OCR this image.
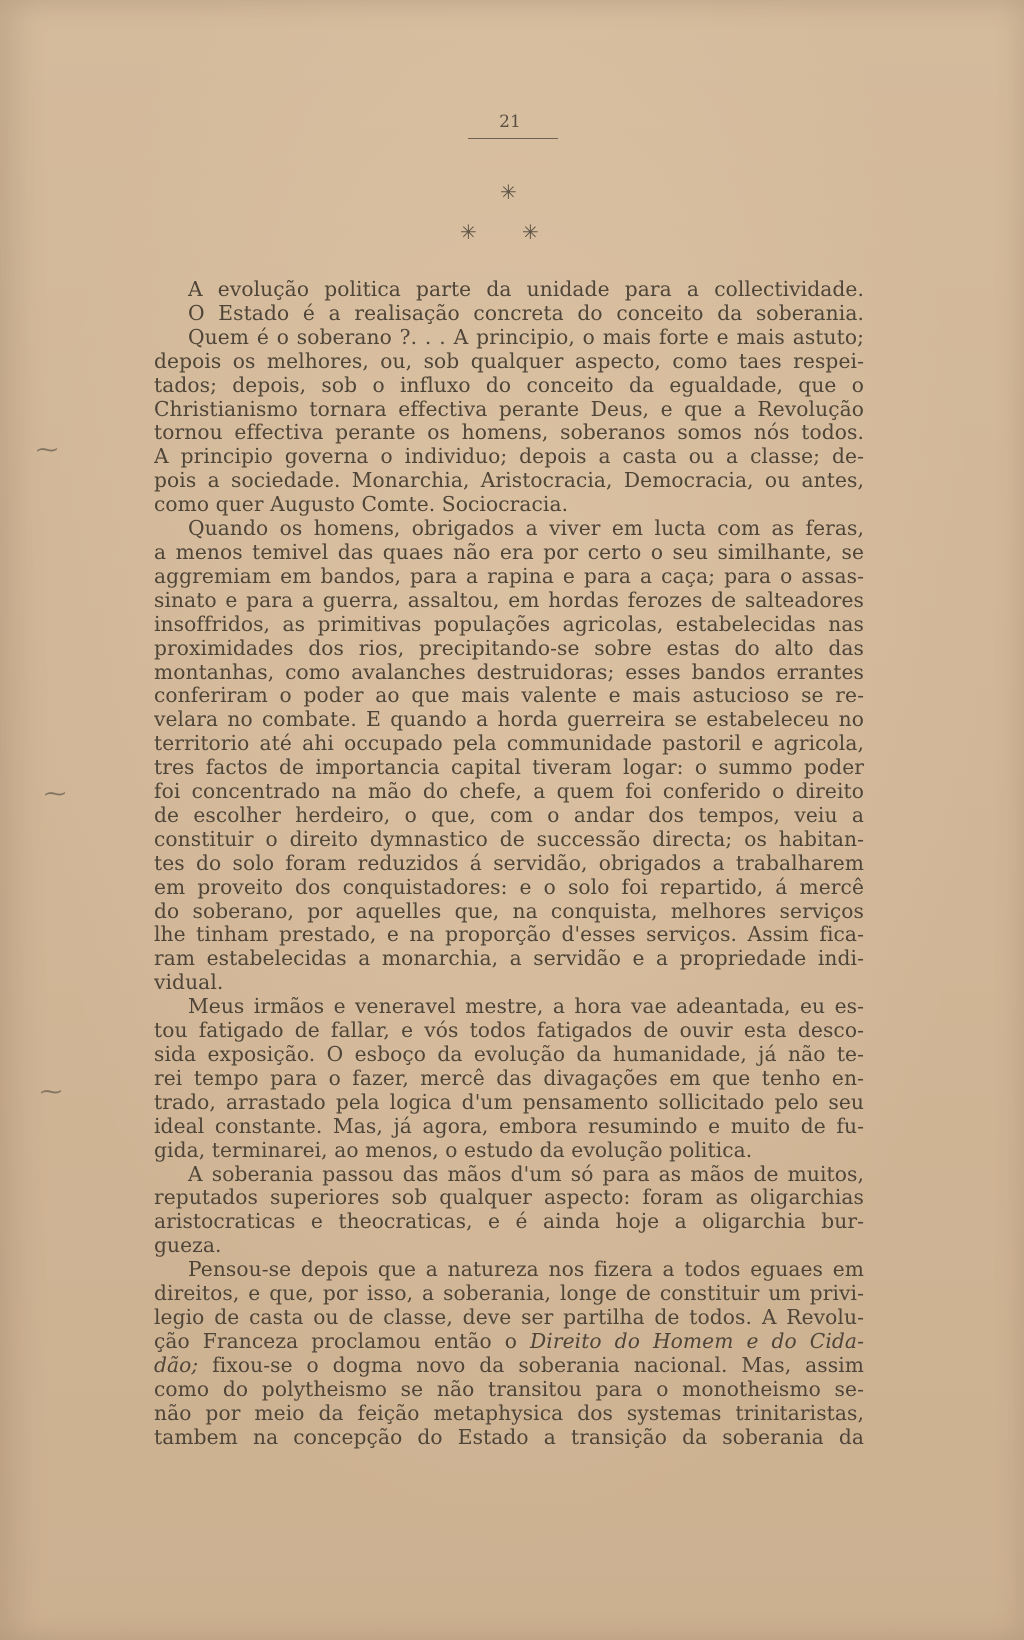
21
✳
✳ ✳
A evolução politica parte da unidade para a collectividade.
O Estado é a realisação concreta do conceito da soberania.
Quem é o soberano ?. . . A principio, o mais forte e mais astuto;
depois os melhores, ou, sob qualquer aspecto, como taes respei-
tados; depois, sob o influxo do conceito da egualdade, que o
Christianismo tornara effectiva perante Deus, e que a Revolução
tornou effectiva perante os homens, soberanos somos nós todos.
A principio governa o individuo; depois a casta ou a classe; de-
pois a sociedade. Monarchia, Aristocracia, Democracia, ou antes,
como quer Augusto Comte. Sociocracia.
Quando os homens, obrigados a viver em lucta com as feras,
a menos temivel das quaes não era por certo o seu similhante, se
aggremiam em bandos, para a rapina e para a caça; para o assas-
sinato e para a guerra, assaltou, em hordas ferozes de salteadores
insoffridos, as primitivas populações agricolas, estabelecidas nas
proximidades dos rios, precipitando-se sobre estas do alto das
montanhas, como avalanches destruidoras; esses bandos errantes
conferiram o poder ao que mais valente e mais astucioso se re-
velara no combate. E quando a horda guerreira se estabeleceu no
territorio até ahi occupado pela communidade pastoril e agricola,
tres factos de importancia capital tiveram logar: o summo poder
foi concentrado na mão do chefe, a quem foi conferido o direito
de escolher herdeiro, o que, com o andar dos tempos, veiu a
constituir o direito dymnastico de successão directa; os habitan-
tes do solo foram reduzidos á servidão, obrigados a trabalharem
em proveito dos conquistadores: e o solo foi repartido, á mercê
do soberano, por aquelles que, na conquista, melhores serviços
lhe tinham prestado, e na proporção d'esses serviços. Assim fica-
ram estabelecidas a monarchia, a servidão e a propriedade indi-
vidual.
Meus irmãos e veneravel mestre, a hora vae adeantada, eu es-
tou fatigado de fallar, e vós todos fatigados de ouvir esta desco-
sida exposição. O esboço da evolução da humanidade, já não te-
rei tempo para o fazer, mercê das divagações em que tenho en-
trado, arrastado pela logica d'um pensamento sollicitado pelo seu
ideal constante. Mas, já agora, embora resumindo e muito de fu-
gida, terminarei, ao menos, o estudo da evolução politica.
A soberania passou das mãos d'um só para as mãos de muitos,
reputados superiores sob qualquer aspecto: foram as oligarchias
aristocraticas e theocraticas, e é ainda hoje a oligarchia bur-
gueza.
Pensou-se depois que a natureza nos fizera a todos eguaes em
direitos, e que, por isso, a soberania, longe de constituir um privi-
legio de casta ou de classe, deve ser partilha de todos. A Revolu-
ção Franceza proclamou então o Direito do Homem e do Cida-
dão; fixou-se o dogma novo da soberania nacional. Mas, assim
como do polytheismo se não transitou para o monotheismo se-
não por meio da feição metaphysica dos systemas trinitaristas,
tambem na concepção do Estado a transição da soberania da
⁓
⁓
⁓
